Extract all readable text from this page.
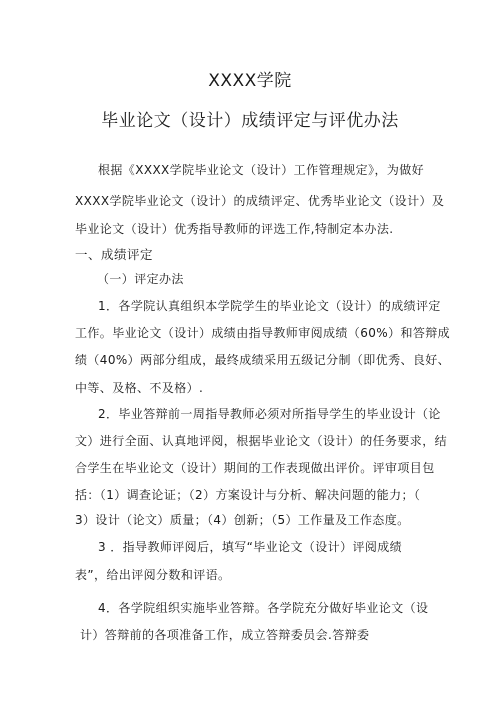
XXXX学院
毕业论文（设计）成绩评定与评优办法
根据《XXXX学院毕业论文（设计）工作管理规定》，为做好
XXXX学院毕业论文（设计）的成绩评定、优秀毕业论文（设计）及
毕业论文（设计）优秀指导教师的评选工作,特制定本办法.
一、成绩评定
（一）评定办法
1．各学院认真组织本学院学生的毕业论文（设计）的成绩评定
工作。毕业论文（设计）成绩由指导教师审阅成绩（60%）和答辩成
绩（40%）两部分组成，最终成绩采用五级记分制（即优秀、良好、
中等、及格、不及格）.
2．毕业答辩前一周指导教师必须对所指导学生的毕业设计（论
文）进行全面、认真地评阅，根据毕业论文（设计）的任务要求，结
合学生在毕业论文（设计）期间的工作表现做出评价。评审项目包
括：（1）调查论证；（2）方案设计与分析、解决问题的能力；（
3）设计（论文）质量；（4）创新；（5）工作量及工作态度。
3 ．指导教师评阅后，填写“毕业论文（设计）评阅成绩
表”，给出评阅分数和评语。
4．各学院组织实施毕业答辩。各学院充分做好毕业论文（设
计）答辩前的各项准备工作，成立答辩委员会.答辩委
